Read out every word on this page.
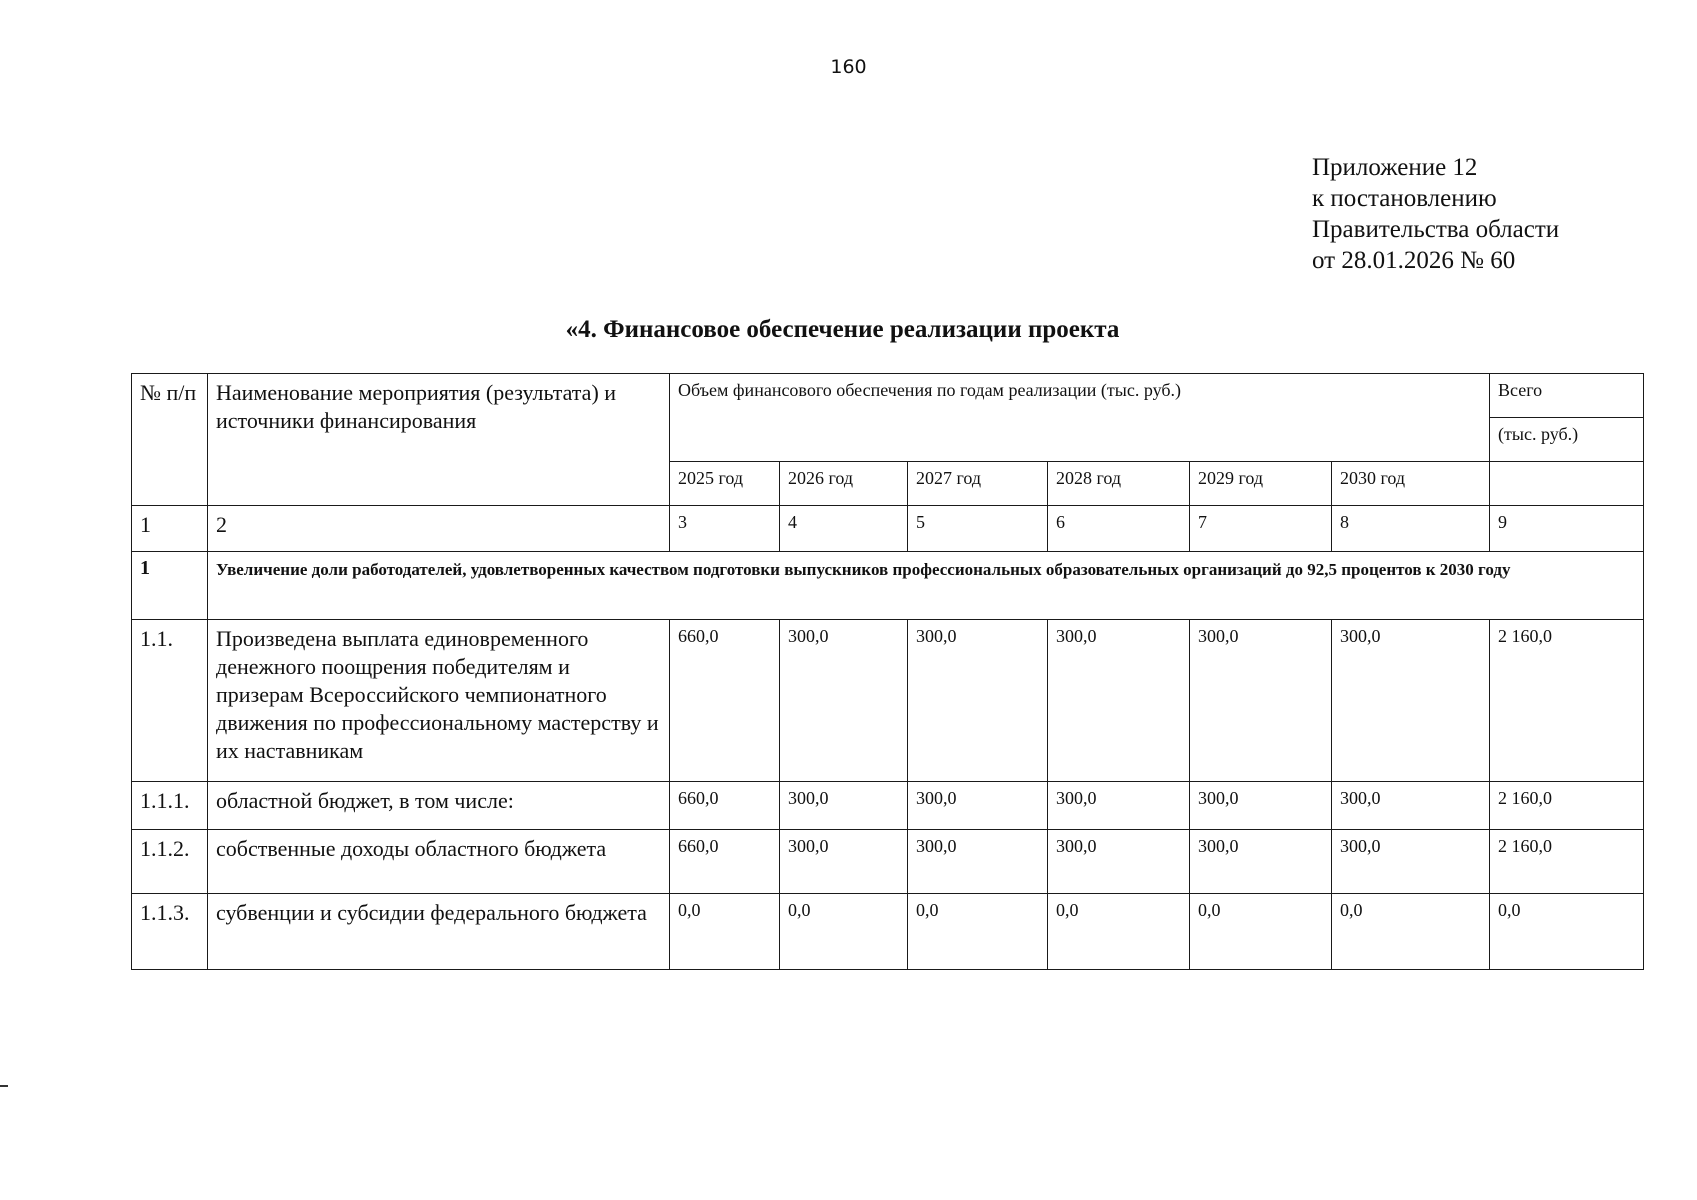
160
Приложение 12
к постановлению
Правительства области
от 28.01.2026 № 60
«4. Финансовое обеспечение реализации проекта
№ п/п	Наименование мероприятия (результата) и источники финансирования	Объем финансового обеспечения по годам реализации (тыс. руб.)						Всего
								(тыс. руб.)
		2025 год	2026 год	2027 год	2028 год	2029 год	2030 год	
1	2	3	4	5	6	7	8	9
1	Увеличение доли работодателей, удовлетворенных качеством подготовки выпускников профессиональных образовательных организаций до 92,5 процентов к 2030 году							
1.1.	Произведена выплата единовременного денежного поощрения победителям и призерам Всероссийского чемпионатного движения по профессиональному мастерству и их наставникам	660,0	300,0	300,0	300,0	300,0	300,0	2 160,0
1.1.1.	областной бюджет, в том числе:	660,0	300,0	300,0	300,0	300,0	300,0	2 160,0
1.1.2.	собственные доходы областного бюджета	660,0	300,0	300,0	300,0	300,0	300,0	2 160,0
1.1.3.	субвенции и субсидии федерального бюджета	0,0	0,0	0,0	0,0	0,0	0,0	0,0
